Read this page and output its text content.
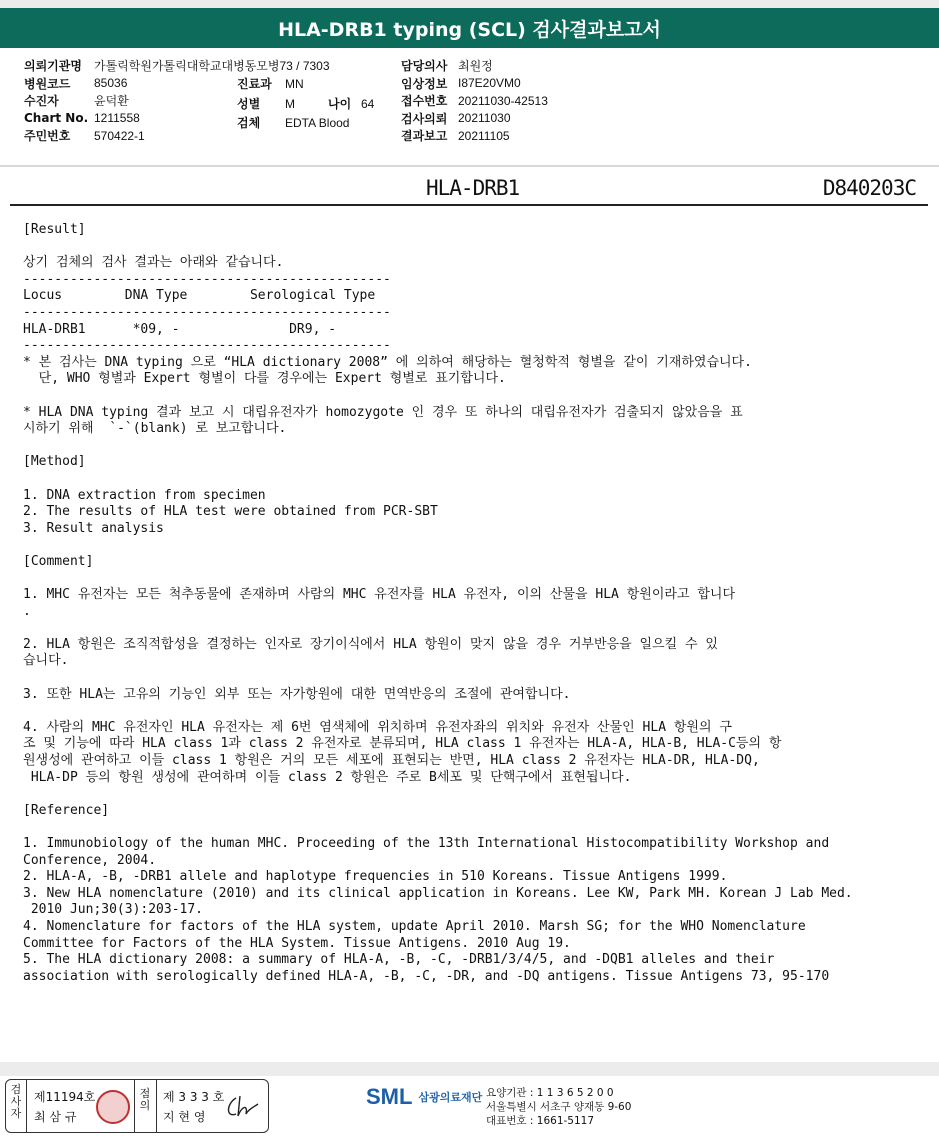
HLA-DRB1 typing (SCL) 검사결과보고서
의뢰기관명	가톨릭학원가톨릭대학교대병동모병73 / 7303
병원코드	85036
수진자	윤덕환
Chart No. 1211558
주민번호	570422-1
진료과 MN
성별 M	나이 64
검체 EDTA Blood
담당의사 최원정
임상정보 I87E20VM0
접수번호 20211030-42513
검사의뢰 20211030
결과보고 20211105
HLA-DRB1	D840203C
[Result]
상기 검체의 검사 결과는 아래와 같습니다.
-----------------------------------------------
Locus        DNA Type        Serological Type
-----------------------------------------------
HLA-DRB1      *09, -              DR9, -
-----------------------------------------------
* 본 검사는 DNA typing 으로 “HLA dictionary 2008” 에 의하여 해당하는 혈청학적 형별을 같이 기재하였습니다.
단, WHO 형별과 Expert 형별이 다를 경우에는 Expert 형별로 표기합니다.
* HLA DNA typing 결과 보고 시 대립유전자가 homozygote 인 경우 또 하나의 대립유전자가 검출되지 않았음을 표
시하기 위해  `-`(blank) 로 보고합니다.
[Method]
1. DNA extraction from specimen
2. The results of HLA test were obtained from PCR-SBT
3. Result analysis
[Comment]
1. MHC 유전자는 모든 척추동물에 존재하며 사람의 MHC 유전자를 HLA 유전자, 이의 산물을 HLA 항원이라고 합니다
.
2. HLA 항원은 조직적합성을 결정하는 인자로 장기이식에서 HLA 항원이 맞지 않을 경우 거부반응을 일으킬 수 있
습니다.
3. 또한 HLA는 고유의 기능인 외부 또는 자가항원에 대한 면역반응의 조절에 관여합니다.
4. 사람의 MHC 유전자인 HLA 유전자는 제 6번 염색체에 위치하며 유전자좌의 위치와 유전자 산물인 HLA 항원의 구
조 및 기능에 따라 HLA class 1과 class 2 유전자로 분류되며, HLA class 1 유전자는 HLA-A, HLA-B, HLA-C등의 항
원생성에 관여하고 이들 class 1 항원은 거의 모든 세포에 표현되는 반면, HLA class 2 유전자는 HLA-DR, HLA-DQ,
HLA-DP 등의 항원 생성에 관여하며 이들 class 2 항원은 주로 B세포 및 단핵구에서 표현됩니다.
[Reference]
1. Immunobiology of the human MHC. Proceeding of the 13th International Histocompatibility Workshop and
Conference, 2004.
2. HLA-A, -B, -DRB1 allele and haplotype frequencies in 510 Koreans. Tissue Antigens 1999.
3. New HLA nomenclature (2010) and its clinical application in Koreans. Lee KW, Park MH. Korean J Lab Med.
2010 Jun;30(3):203-17.
4. Nomenclature for factors of the HLA system, update April 2010. Marsh SG; for the WHO Nomenclature
Committee for Factors of the HLA System. Tissue Antigens. 2010 Aug 19.
5. The HLA dictionary 2008: a summary of HLA-A, -B, -C, -DRB1/3/4/5, and -DQB1 alleles and their
association with serologically defined HLA-A, -B, -C, -DR, and -DQ antigens. Tissue Antigens 73, 95-170
검사자
제11194호
최 삼 규
점의
제 3 3 3 호
지 현 영
SML 삼광의료재단 요양기관 : 1 1 3 6 5 2 0 0
서울특별시 서초구 양재동 9-60
대표번호 : 1661-5117
